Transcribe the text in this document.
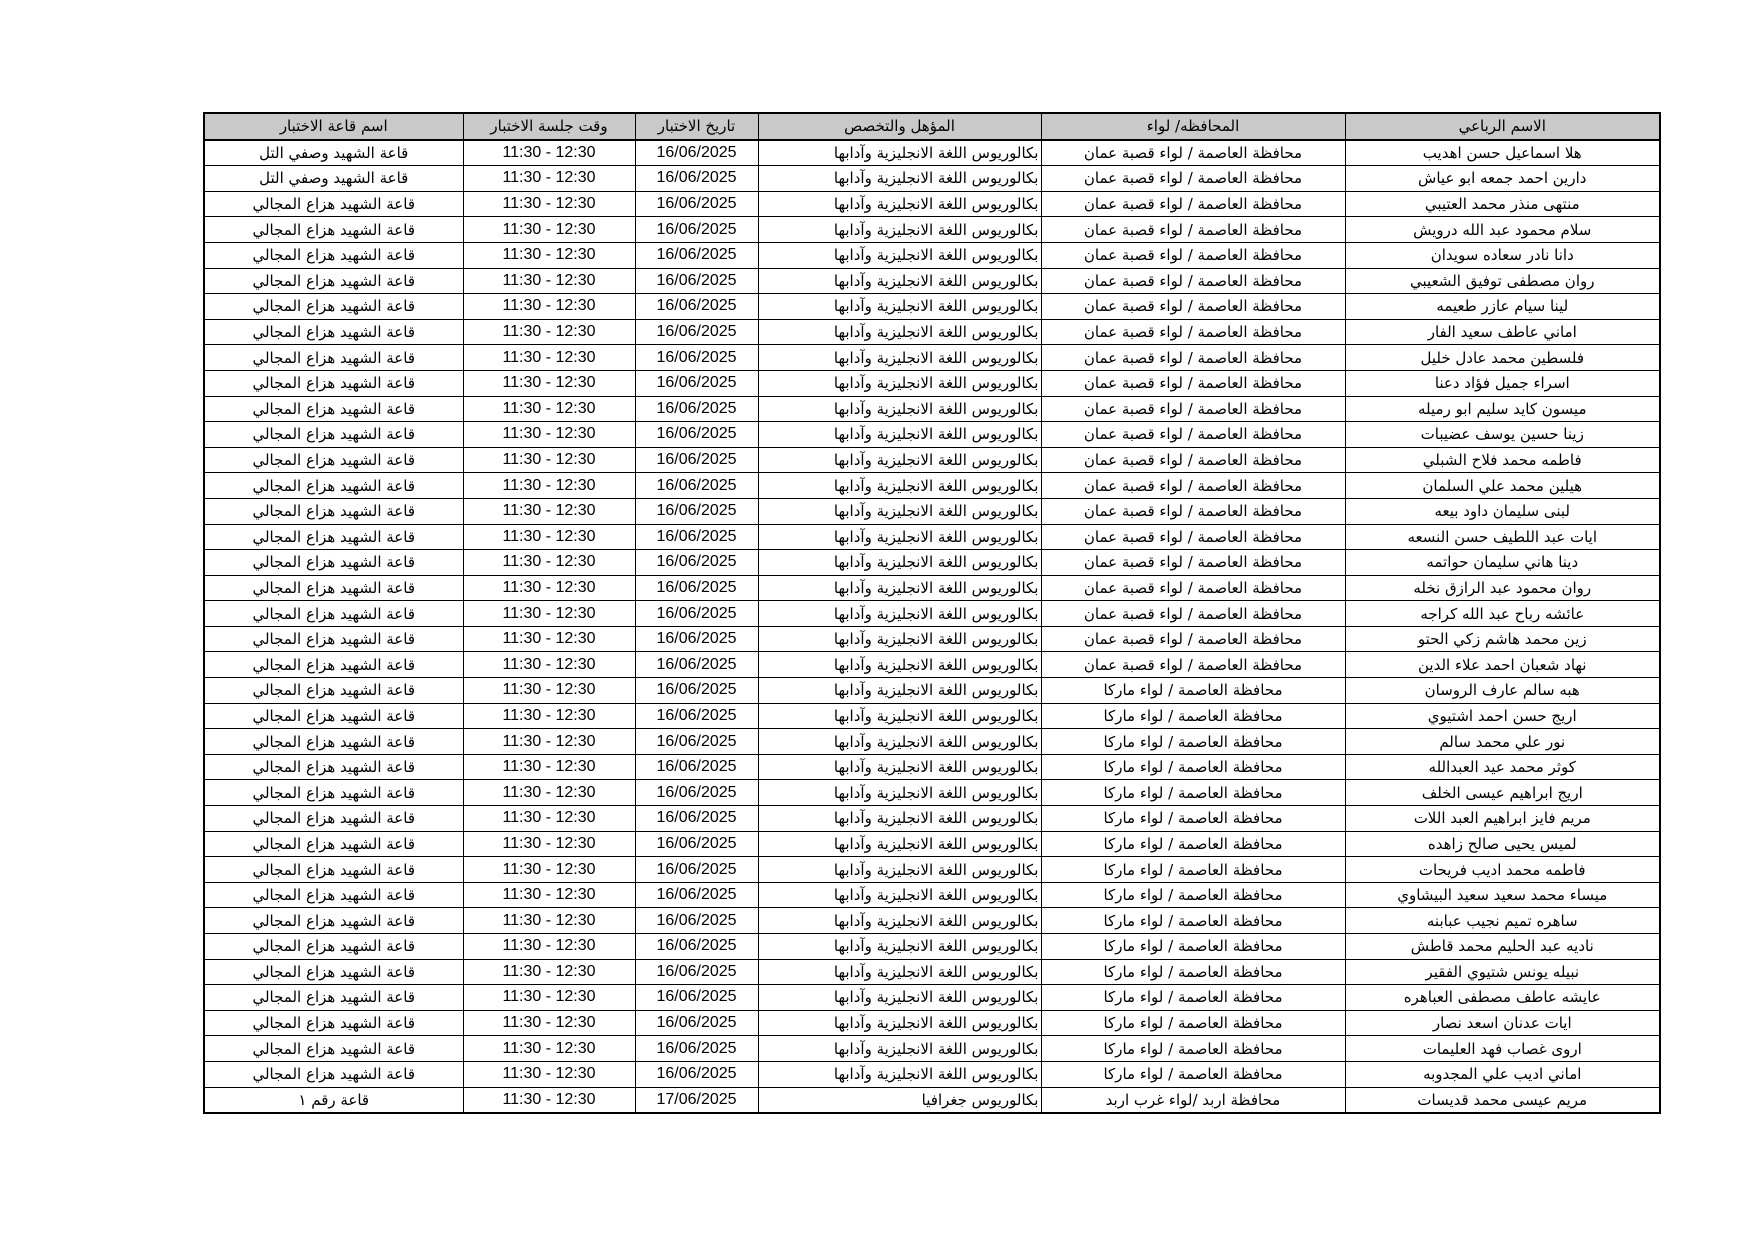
الاسم الرباعي	المحافظه/ لواء	المؤهل والتخصص	تاريخ الاختبار	وقت جلسة الاختبار	اسم قاعة الاختبار
هلا اسماعيل حسن اهديب	محافظة العاصمة / لواء قصبة عمان	بكالوريوس اللغة الانجليزية وآدابها	16/06/2025	11:30 - 12:30	قاعة الشهيد وصفي التل
دارين احمد جمعه ابو عياش	محافظة العاصمة / لواء قصبة عمان	بكالوريوس اللغة الانجليزية وآدابها	16/06/2025	11:30 - 12:30	قاعة الشهيد وصفي التل
منتهى منذر محمد العتيبي	محافظة العاصمة / لواء قصبة عمان	بكالوريوس اللغة الانجليزية وآدابها	16/06/2025	11:30 - 12:30	قاعة الشهيد هزاع المجالي
سلام محمود عبد الله درويش	محافظة العاصمة / لواء قصبة عمان	بكالوريوس اللغة الانجليزية وآدابها	16/06/2025	11:30 - 12:30	قاعة الشهيد هزاع المجالي
دانا نادر سعاده سويدان	محافظة العاصمة / لواء قصبة عمان	بكالوريوس اللغة الانجليزية وآدابها	16/06/2025	11:30 - 12:30	قاعة الشهيد هزاع المجالي
روان مصطفى توفيق الشعيبي	محافظة العاصمة / لواء قصبة عمان	بكالوريوس اللغة الانجليزية وآدابها	16/06/2025	11:30 - 12:30	قاعة الشهيد هزاع المجالي
لينا سيام عازر طعيمه	محافظة العاصمة / لواء قصبة عمان	بكالوريوس اللغة الانجليزية وآدابها	16/06/2025	11:30 - 12:30	قاعة الشهيد هزاع المجالي
اماني عاطف سعيد الفار	محافظة العاصمة / لواء قصبة عمان	بكالوريوس اللغة الانجليزية وآدابها	16/06/2025	11:30 - 12:30	قاعة الشهيد هزاع المجالي
فلسطين محمد عادل خليل	محافظة العاصمة / لواء قصبة عمان	بكالوريوس اللغة الانجليزية وآدابها	16/06/2025	11:30 - 12:30	قاعة الشهيد هزاع المجالي
اسراء جميل فؤاد دعنا	محافظة العاصمة / لواء قصبة عمان	بكالوريوس اللغة الانجليزية وآدابها	16/06/2025	11:30 - 12:30	قاعة الشهيد هزاع المجالي
ميسون كايد سليم ابو رميله	محافظة العاصمة / لواء قصبة عمان	بكالوريوس اللغة الانجليزية وآدابها	16/06/2025	11:30 - 12:30	قاعة الشهيد هزاع المجالي
زينا حسين يوسف عضيبات	محافظة العاصمة / لواء قصبة عمان	بكالوريوس اللغة الانجليزية وآدابها	16/06/2025	11:30 - 12:30	قاعة الشهيد هزاع المجالي
فاطمه محمد فلاح الشبلي	محافظة العاصمة / لواء قصبة عمان	بكالوريوس اللغة الانجليزية وآدابها	16/06/2025	11:30 - 12:30	قاعة الشهيد هزاع المجالي
هيلين محمد علي السلمان	محافظة العاصمة / لواء قصبة عمان	بكالوريوس اللغة الانجليزية وآدابها	16/06/2025	11:30 - 12:30	قاعة الشهيد هزاع المجالي
لبنى سليمان داود بيعه	محافظة العاصمة / لواء قصبة عمان	بكالوريوس اللغة الانجليزية وآدابها	16/06/2025	11:30 - 12:30	قاعة الشهيد هزاع المجالي
ايات عبد اللطيف حسن النسعه	محافظة العاصمة / لواء قصبة عمان	بكالوريوس اللغة الانجليزية وآدابها	16/06/2025	11:30 - 12:30	قاعة الشهيد هزاع المجالي
دينا هاني سليمان حواتمه	محافظة العاصمة / لواء قصبة عمان	بكالوريوس اللغة الانجليزية وآدابها	16/06/2025	11:30 - 12:30	قاعة الشهيد هزاع المجالي
روان محمود عبد الرازق نخله	محافظة العاصمة / لواء قصبة عمان	بكالوريوس اللغة الانجليزية وآدابها	16/06/2025	11:30 - 12:30	قاعة الشهيد هزاع المجالي
عائشه رباح عبد الله كراجه	محافظة العاصمة / لواء قصبة عمان	بكالوريوس اللغة الانجليزية وآدابها	16/06/2025	11:30 - 12:30	قاعة الشهيد هزاع المجالي
زين محمد هاشم زكي الحتو	محافظة العاصمة / لواء قصبة عمان	بكالوريوس اللغة الانجليزية وآدابها	16/06/2025	11:30 - 12:30	قاعة الشهيد هزاع المجالي
نهاد شعبان احمد علاء الدين	محافظة العاصمة / لواء قصبة عمان	بكالوريوس اللغة الانجليزية وآدابها	16/06/2025	11:30 - 12:30	قاعة الشهيد هزاع المجالي
هبه سالم عارف الروسان	محافظة العاصمة / لواء ماركا	بكالوريوس اللغة الانجليزية وآدابها	16/06/2025	11:30 - 12:30	قاعة الشهيد هزاع المجالي
اريج حسن احمد اشتيوي	محافظة العاصمة / لواء ماركا	بكالوريوس اللغة الانجليزية وآدابها	16/06/2025	11:30 - 12:30	قاعة الشهيد هزاع المجالي
نور علي محمد سالم	محافظة العاصمة / لواء ماركا	بكالوريوس اللغة الانجليزية وآدابها	16/06/2025	11:30 - 12:30	قاعة الشهيد هزاع المجالي
كوثر محمد عيد العبدالله	محافظة العاصمة / لواء ماركا	بكالوريوس اللغة الانجليزية وآدابها	16/06/2025	11:30 - 12:30	قاعة الشهيد هزاع المجالي
اريج ابراهيم عيسى الخلف	محافظة العاصمة / لواء ماركا	بكالوريوس اللغة الانجليزية وآدابها	16/06/2025	11:30 - 12:30	قاعة الشهيد هزاع المجالي
مريم فايز ابراهيم العبد اللات	محافظة العاصمة / لواء ماركا	بكالوريوس اللغة الانجليزية وآدابها	16/06/2025	11:30 - 12:30	قاعة الشهيد هزاع المجالي
لميس يحيى صالح زاهده	محافظة العاصمة / لواء ماركا	بكالوريوس اللغة الانجليزية وآدابها	16/06/2025	11:30 - 12:30	قاعة الشهيد هزاع المجالي
فاطمه محمد اديب فريحات	محافظة العاصمة / لواء ماركا	بكالوريوس اللغة الانجليزية وآدابها	16/06/2025	11:30 - 12:30	قاعة الشهيد هزاع المجالي
ميساء محمد سعيد سعيد البيشاوي	محافظة العاصمة / لواء ماركا	بكالوريوس اللغة الانجليزية وآدابها	16/06/2025	11:30 - 12:30	قاعة الشهيد هزاع المجالي
ساهره تميم نجيب عبابنه	محافظة العاصمة / لواء ماركا	بكالوريوس اللغة الانجليزية وآدابها	16/06/2025	11:30 - 12:30	قاعة الشهيد هزاع المجالي
ناديه عبد الحليم محمد قاطش	محافظة العاصمة / لواء ماركا	بكالوريوس اللغة الانجليزية وآدابها	16/06/2025	11:30 - 12:30	قاعة الشهيد هزاع المجالي
نبيله يونس شتيوي الفقير	محافظة العاصمة / لواء ماركا	بكالوريوس اللغة الانجليزية وآدابها	16/06/2025	11:30 - 12:30	قاعة الشهيد هزاع المجالي
عايشه عاطف مصطفى العباهره	محافظة العاصمة / لواء ماركا	بكالوريوس اللغة الانجليزية وآدابها	16/06/2025	11:30 - 12:30	قاعة الشهيد هزاع المجالي
ايات عدنان اسعد نصار	محافظة العاصمة / لواء ماركا	بكالوريوس اللغة الانجليزية وآدابها	16/06/2025	11:30 - 12:30	قاعة الشهيد هزاع المجالي
اروى غصاب فهد العليمات	محافظة العاصمة / لواء ماركا	بكالوريوس اللغة الانجليزية وآدابها	16/06/2025	11:30 - 12:30	قاعة الشهيد هزاع المجالي
اماني اديب علي المجدوبه	محافظة العاصمة / لواء ماركا	بكالوريوس اللغة الانجليزية وآدابها	16/06/2025	11:30 - 12:30	قاعة الشهيد هزاع المجالي
مريم عيسى محمد قديسات	محافظة اربد /لواء غرب اربد	بكالوريوس جغرافيا	17/06/2025	11:30 - 12:30	قاعة رقم ١
